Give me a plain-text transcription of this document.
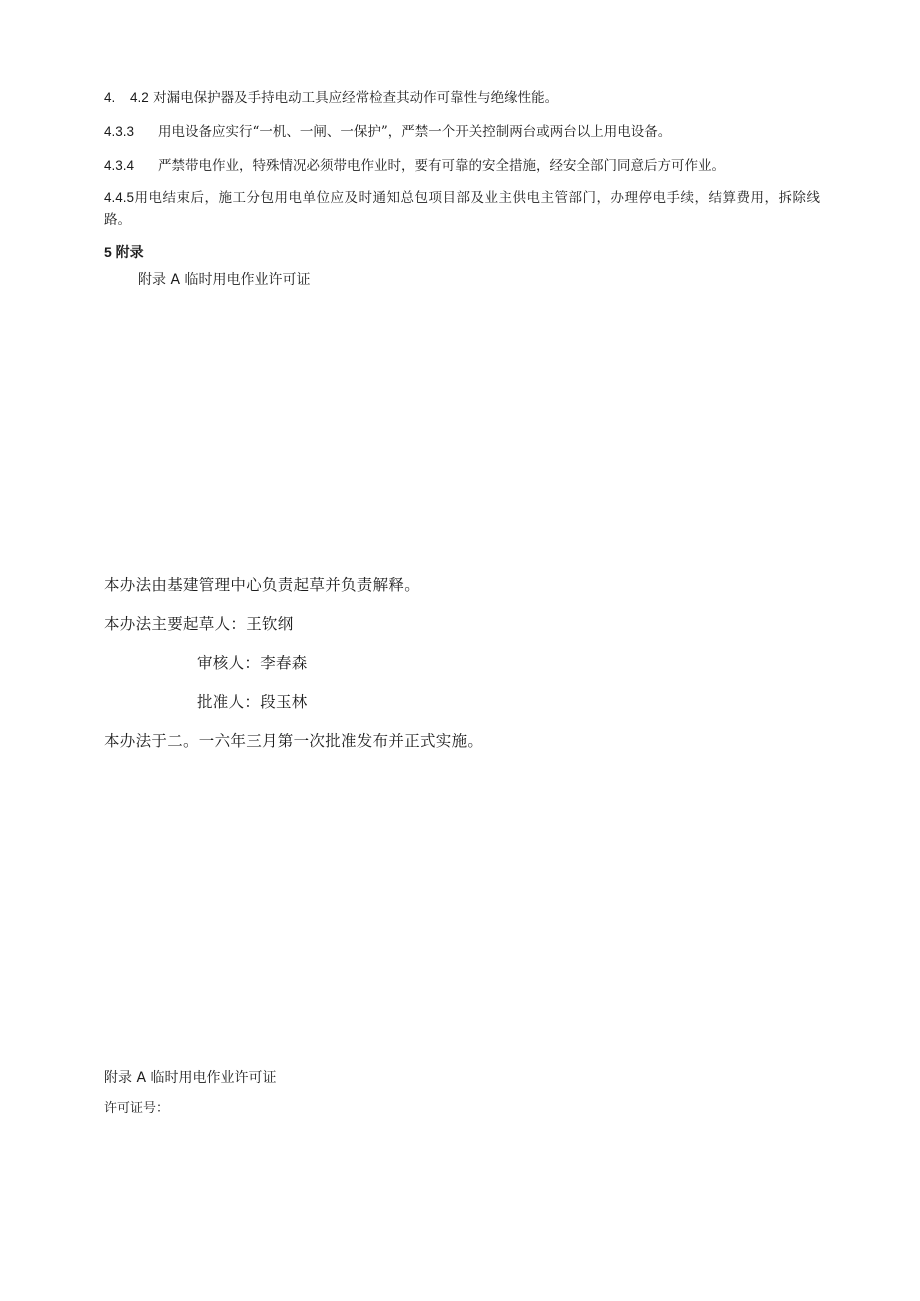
4. 4.2 对漏电保护器及手持电动工具应经常检查其动作可靠性与绝缘性能。
4.3.3 用电设备应实行“一机、一闸、一保护”，严禁一个开关控制两台或两台以上用电设备。
4.3.4 严禁带电作业，特殊情况必须带电作业时，要有可靠的安全措施，经安全部门同意后方可作业。
4.4.5用电结束后，施工分包用电单位应及时通知总包项目部及业主供电主管部门，办理停电手续，结算费用，拆除线路。
5 附录
附录 A 临时用电作业许可证
本办法由基建管理中心负责起草并负责解释。
本办法主要起草人：王钦纲
审核人：李春森
批准人：段玉林
本办法于二。一六年三月第一次批准发布并正式实施。
附录 A 临时用电作业许可证
许可证号：
